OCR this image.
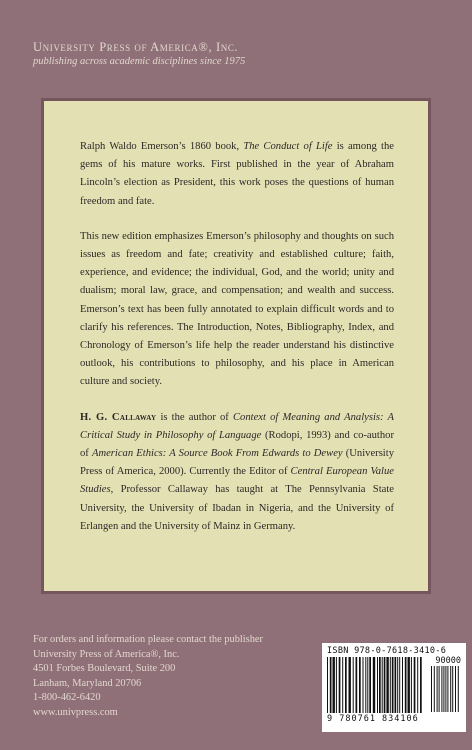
University Press of America®, Inc.
publishing across academic disciplines since 1975

Ralph Waldo Emerson’s 1860 book, The Conduct of Life is among the gems of his mature works. First published in the year of Abraham Lincoln’s election as President, this work poses the questions of human freedom and fate.

This new edition emphasizes Emerson’s philosophy and thoughts on such issues as freedom and fate; creativity and established culture; faith, experience, and evidence; the individual, God, and the world; unity and dualism; moral law, grace, and compensation; and wealth and success. Emerson’s text has been fully annotated to explain difficult words and to clarify his references. The Introduction, Notes, Bibliography, Index, and Chronology of Emerson’s life help the reader understand his distinctive outlook, his contributions to philosophy, and his place in American culture and society.

H. G. Callaway is the author of Context of Meaning and Analysis: A Critical Study in Philosophy of Language (Rodopi, 1993) and co-author of American Ethics: A Source Book From Edwards to Dewey (University Press of America, 2000). Currently the Editor of Central European Value Studies, Professor Callaway has taught at The Pennsylvania State University, the University of Ibadan in Nigeria, and the University of Erlangen and the University of Mainz in Germany.

For orders and information please contact the publisher
University Press of America®, Inc.
4501 Forbes Boulevard, Suite 200
Lanham, Maryland 20706
1-800-462-6420
www.univpress.com
ISBN 978-0-7618-3410-6
90000
9 780761 834106
